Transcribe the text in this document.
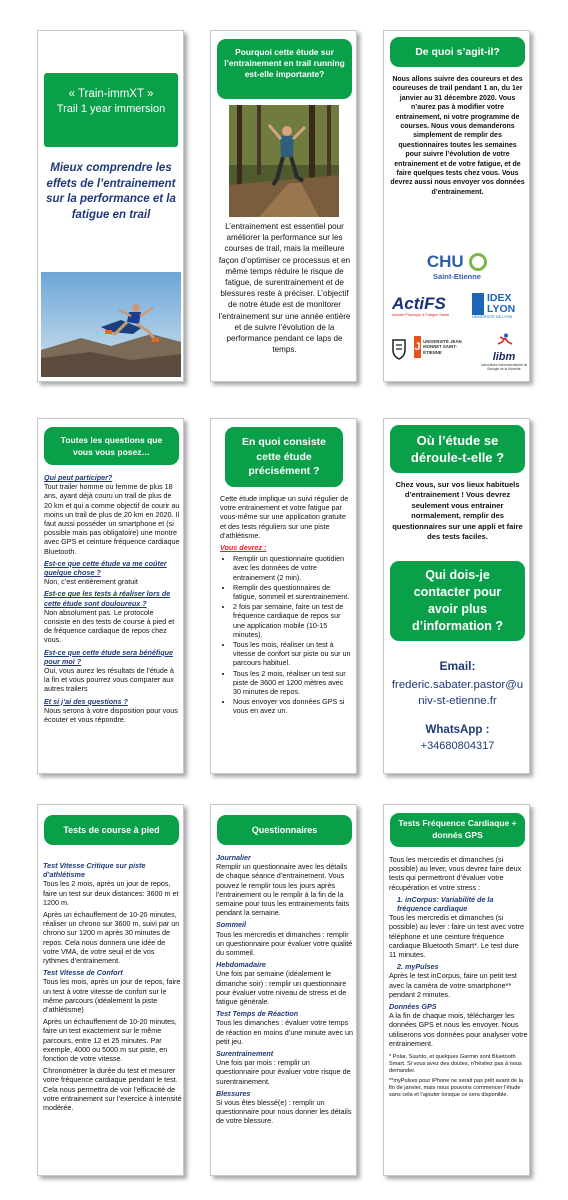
« Train-immXT »
Trail 1 year immersion
Mieux comprendre les effets de l’entrainement sur la performance et la fatigue en trail
Pourquoi cette étude sur l’entrainement en trail running est-elle importante?
L’entrainement est essentiel pour améliorer la performance sur les courses de trail, mais la meilleure façon d’optimiser ce processus et en même temps réduire le risque de fatigue, de surentrainement et de blessures reste à préciser. L’objectif de notre étude est de monitorer l’entrainement sur une année entière et de suivre l’évolution de la performance pendant ce laps de temps.
De quoi s’agit-il?
Nous allons suivre des coureurs et des coureuses de trail pendant 1 an, du 1er janvier au 31 décembre 2020. Vous n’aurez pas à modifier votre entrainement, ni votre programme de courses. Nous vous demanderons simplement de remplir des questionnaires toutes les semaines pour suivre l’évolution de votre entrainement et de votre fatigue, et de faire quelques tests chez vous. Vous devrez aussi nous envoyer vos données d’entrainement.
CHU
Saint-Etienne
ActiFS
Activité Physique & Fatigue Santé
IDEX
LYON
UNIVERSITÉ DE LYON
J UNIVERSITÉ JEAN MONNET SAINT-ÉTIENNE	libm
Laboratoire Interuniversitaire de Biologie de la Motricité
Toutes les questions que vous vous posez…
Qui peut participer?
Tout trailer homme ou femme de plus 18 ans, ayant déjà couru un trail de plus de 20 km et qui a comme objectif de courir au moins un trail de plus de 20 km en 2020. Il faut aussi posséder un smartphone et (si possible mais pas obligatoire) une montre avec GPS et ceinture fréquence cardiaque Bluetooth.
Est-ce que cette étude va me coûter quelque chose ?
Non, c’est entièrement gratuit
Est-ce que les tests à réaliser lors de cette étude sont douloureux ?
Non absolument pas. Le protocole consiste en des tests de course à pied et de fréquence cardiaque de repos chez vous.
Est-ce que cette étude sera bénéfique pour moi ?
Oui, vous aurez les résultats de l’étude à la fin et vous pourrez vous comparer aux autres trailers
Et si j’ai des questions ?
Nous serons à votre disposition pour vous écouter et vous répondre.
En quoi consiste cette étude précisément ?
Cette étude implique un suivi régulier de votre entrainement et votre fatigue par vous-même sur une application gratuite et des tests réguliers sur une piste d’athlétisme.
Vous devrez :
• Remplir un questionnaire quotidien avec les données de votre entrainement (2 min).
• Remplir des questionnaires de fatigue, sommeil et surentrainement.
• 2 fois par semaine, faire un test de fréquence cardiaque de repos sur une application mobile (10-15 minutes).
• Tous les mois, réaliser un test à vitesse de confort sur piste ou sur un parcours habituel.
• Tous les 2 mois, réaliser un test sur piste de 3600 et 1200 mètres avec 30 minutes de repos.
• Nous envoyer vos données GPS si vous en avez un.
Où l’étude se déroule-t-elle ?
Chez vous, sur vos lieux habituels d’entrainement ! Vous devrez seulement vous entrainer normalement, remplir des questionnaires sur une appli et faire des tests faciles.
Qui dois-je contacter pour avoir plus d’information ?
Email:
frederic.sabater.pastor@univ-st-etienne.fr
WhatsApp :
+34680804317
Tests de course à pied
Test Vitesse Critique sur piste d’athlétisme
Tous les 2 mois, après un jour de repos, faire un test sur deux distances: 3600 m et 1200 m.
Après un échauffement de 10-20 minutes, réaliser un chrono sur 3600 m, suivi par un chrono sur 1200 m après 30 minutes de repos. Cela nous donnera une idée de votre VMA, de votre seuil et de vos rythmes d’entrainement.
Test Vitesse de Confort
Tous les mois, après un jour de repos, faire un test à votre vitesse de confort sur le même parcours (idéalement la piste d’athlétisme)
Après un échauffement de 10-20 minutes, faire un test exactement sur le même parcours, entre 12 et 25 minutes. Par exemple, 4000 ou 5000 m sur piste, en fonction de votre vitesse.
Chronométrer la durée du test et mesurer votre fréquence cardiaque pendant le test. Cela nous permettra de voir l’efficacité de votre entrainement sur l’exercice à intensité modérée.
Questionnaires
Journalier
Remplir un questionnaire avec les détails de chaque séance d’entrainement. Vous pouvez le remplir tous les jours après l’entrainement ou le remplir à la fin de la semaine pour tous les entrainements faits pendant la semaine.
Sommeil
Tous les mercredis et dimanches : remplir un questionnaire pour évaluer votre qualité du sommeil.
Hebdomadaire
Une fois par semaine (idéalement le dimanche soir) : remplir un questionnaire pour évaluer votre niveau de stress et de fatigue générale.
Test Temps de Réaction
Tous les dimanches : évaluer votre temps de réaction en moins d’une minute avec un petit jeu.
Surentrainement
Une fois par mois : remplir un questionnaire pour évaluer votre risque de surentrainement.
Blessures
Si vous êtes blessé(e) : remplir un questionnaire pour nous donner les détails de votre blessure.
Tests Fréquence Cardiaque + donnés GPS
Tous les mercredis et dimanches (si possible) au lever, vous devrez faire deux tests qui permettront d’évaluer votre récupération et votre stress :
1. inCorpus: Variabilité de la fréquence cardiaque
Tous les mercredis et dimanches (si possible) au lever : faire un test avec votre téléphone et une ceinture fréquence cardiaque Bluetooth Smart*. Le test dure 11 minutes.
2. myPulses
Après le test inCorpus, faire un petit test avec la caméra de votre smartphone** pendant 2 minutes.
Données GPS
A la fin de chaque mois, télécharger les données GPS et nous les envoyer. Nous utiliserons vos données pour analyser votre entrainement.
* Polar, Suunto, et quelques Garmin sont Bluetooth Smart. Si vous avez des doutes, n’hésitez pas à nous demander.
**myPulses pour iPhone ne serait pas prêt avant de la fin de janvier, mais nous pouvons commencer l’étude sans cela et l’ajouter lorsque ce sera disponible.
